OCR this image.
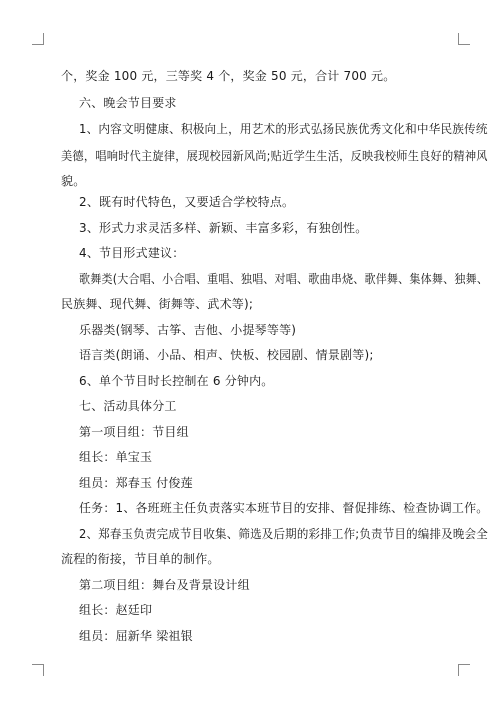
个，奖金 100 元，三等奖 4 个，奖金 50 元，合计 700 元。
六、晚会节目要求
1、内容文明健康、积极向上，用艺术的形式弘扬民族优秀文化和中华民族传统
美德，唱响时代主旋律，展现校园新风尚;贴近学生生活，反映我校师生良好的精神风
貌。
2、既有时代特色，又要适合学校特点。
3、形式力求灵活多样、新颖、丰富多彩，有独创性。
4、节目形式建议：
歌舞类(大合唱、小合唱、重唱、独唱、对唱、歌曲串烧、歌伴舞、集体舞、独舞、
民族舞、现代舞、街舞等、武术等);
乐器类(钢琴、古筝、吉他、小提琴等等)
语言类(朗诵、小品、相声、快板、校园剧、情景剧等);
6、单个节目时长控制在 6 分钟内。
七、活动具体分工
第一项目组：节目组
组长：单宝玉
组员：郑春玉 付俊莲
任务：1、各班班主任负责落实本班节目的安排、督促排练、检查协调工作。
2、郑春玉负责完成节目收集、筛选及后期的彩排工作;负责节目的编排及晚会全
流程的衔接，节目单的制作。
第二项目组：舞台及背景设计组
组长：赵廷印
组员：屈新华 梁祖银
